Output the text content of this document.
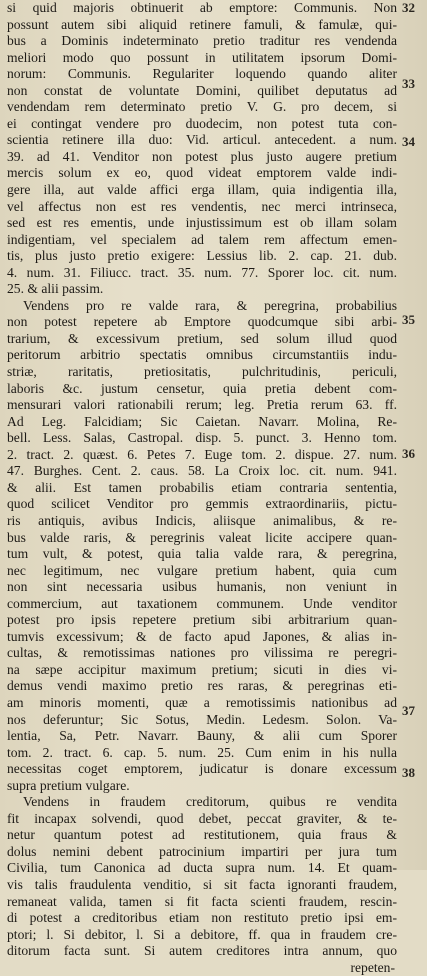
si quid majoris obtinuerit ab emptore: Communis. Non
possunt autem sibi aliquid retinere famuli, & famulæ, qui-
bus a Dominis indeterminato pretio traditur res vendenda
meliori modo quo possunt in utilitatem ipsorum Domi-
norum: Communis. Regulariter loquendo quando aliter
non constat de voluntate Domini, quilibet deputatus ad
vendendam rem determinato pretio V. G. pro decem, si
ei contingat vendere pro duodecim, non potest tuta con-
scientia retinere illa duo: Vid. articul. antecedent. a num.
39. ad 41. Venditor non potest plus justo augere pretium
mercis solum ex eo, quod videat emptorem valde indi-
gere illa, aut valde affici erga illam, quia indigentia illa,
vel affectus non est res vendentis, nec merci intrinseca,
sed est res ementis, unde injustissimum est ob illam solam
indigentiam, vel specialem ad talem rem affectum emen-
tis, plus justo pretio exigere: Lessius lib. 2. cap. 21. dub.
4. num. 31. Filiucc. tract. 35. num. 77. Sporer loc. cit. num.
25. & alii passim.
Vendens pro re valde rara, & peregrina, probabilius
non potest repetere ab Emptore quodcumque sibi arbi-
trarium, & excessivum pretium, sed solum illud quod
peritorum arbitrio spectatis omnibus circumstantiis indu-
striæ, raritatis, pretiositatis, pulchritudinis, periculi,
laboris &c. justum censetur, quia pretia debent com-
mensurari valori rationabili rerum; leg. Pretia rerum 63. ff.
Ad Leg. Falcidiam; Sic Caietan. Navarr. Molina, Re-
bell. Less. Salas, Castropal. disp. 5. punct. 3. Henno tom.
2. tract. 2. quæst. 6. Petes 7. Euge tom. 2. dispue. 27. num.
47. Burghes. Cent. 2. caus. 58. La Croix loc. cit. num. 941.
& alii. Est tamen probabilis etiam contraria sententia,
quod scilicet Venditor pro gemmis extraordinariis, pictu-
ris antiquis, avibus Indicis, aliisque animalibus, & re-
bus valde raris, & peregrinis valeat licite accipere quan-
tum vult, & potest, quia talia valde rara, & peregrina,
nec legitimum, nec vulgare pretium habent, quia cum
non sint necessaria usibus humanis, non veniunt in
commercium, aut taxationem communem. Unde venditor
potest pro ipsis repetere pretium sibi arbitrarium quan-
tumvis excessivum; & de facto apud Japones, & alias in-
cultas, & remotissimas nationes pro vilissima re peregri-
na sæpe accipitur maximum pretium; sicuti in dies vi-
demus vendi maximo pretio res raras, & peregrinas eti-
am minoris momenti, quæ a remotissimis nationibus ad
nos deferuntur; Sic Sotus, Medin. Ledesm. Solon. Va-
lentia, Sa, Petr. Navarr. Bauny, & alii cum Sporer
tom. 2. tract. 6. cap. 5. num. 25. Cum enim in his nulla
necessitas coget emptorem, judicatur is donare excessum
supra pretium vulgare.
Vendens in fraudem creditorum, quibus re vendita
fit incapax solvendi, quod debet, peccat graviter, & te-
netur quantum potest ad restitutionem, quia fraus &
dolus nemini debent patrocinium impartiri per jura tum
Civilia, tum Canonica ad ducta supra num. 14. Et quam-
vis talis fraudulenta venditio, si sit facta ignoranti fraudem,
remaneat valida, tamen si fit facta scienti fraudem, rescin-
di potest a creditoribus etiam non restituto pretio ipsi em-
ptori; l. Si debitor, l. Si a debitore, ff. qua in fraudem cre-
ditorum facta sunt. Si autem creditores intra annum, quo
repeten-
32
33
34
35
36
37
38
